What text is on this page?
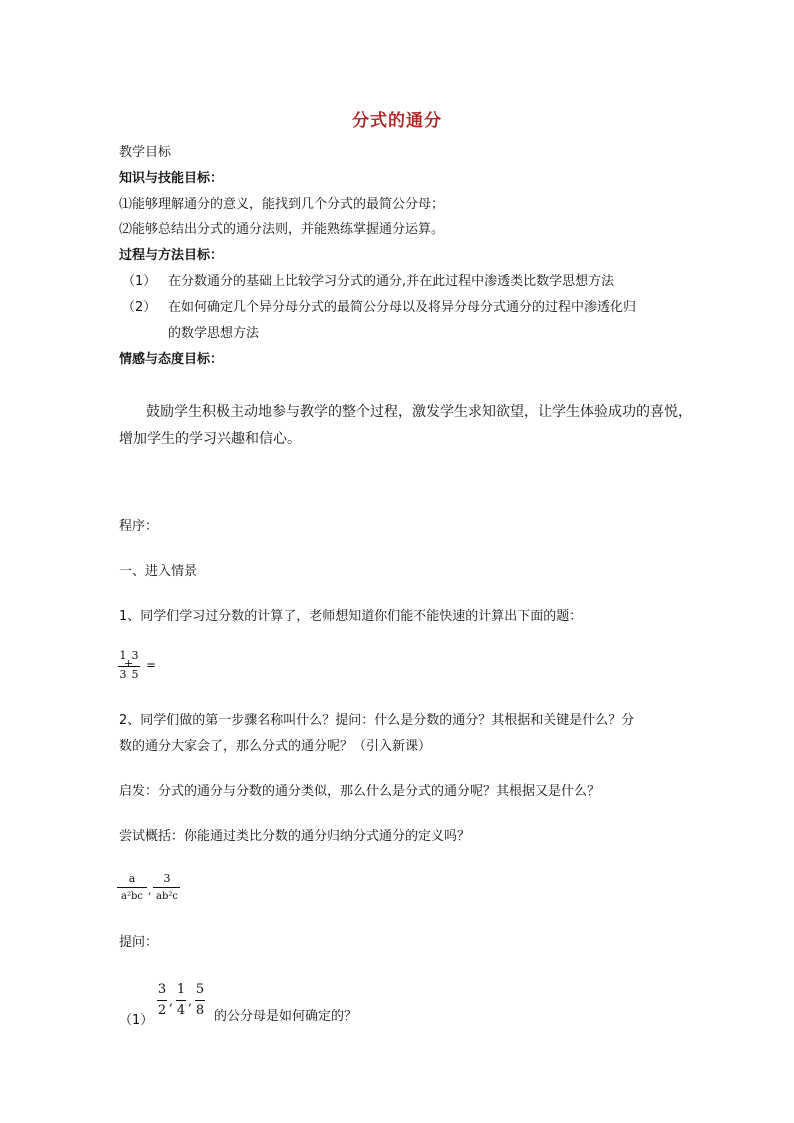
分式的通分
教学目标
知识与技能目标：
⑴能够理解通分的意义，能找到几个分式的最简公分母；
⑵能够总结出分式的通分法则，并能熟练掌握通分运算。
过程与方法目标：
（1） 在分数通分的基础上比较学习分式的通分,并在此过程中渗透类比数学思想方法
（2） 在如何确定几个异分母分式的最简公分母以及将异分母分式通分的过程中渗透化归
的数学思想方法
情感与态度目标：
鼓励学生积极主动地参与教学的整个过程，激发学生求知欲望，让学生体验成功的喜悦，
增加学生的学习兴趣和信心。
程序：
一、进入情景
1、同学们学习过分数的计算了，老师想知道你们能不能快速的计算出下面的题：
1
3
3
5
+ =
2、同学们做的第一步骤名称叫什么？提问：什么是分数的通分？其根据和关键是什么？分
数的通分大家会了，那么分式的通分呢？（引入新课）
启发：分式的通分与分数的通分类似，那么什么是分式的通分呢？其根据又是什么？
尝试概括：你能通过类比分数的通分归纳分式通分的定义吗？
a
a²bc ,
3
ab²c
提问：
（1）
3
2
,
1
4
,
5
8 的公分母是如何确定的？
